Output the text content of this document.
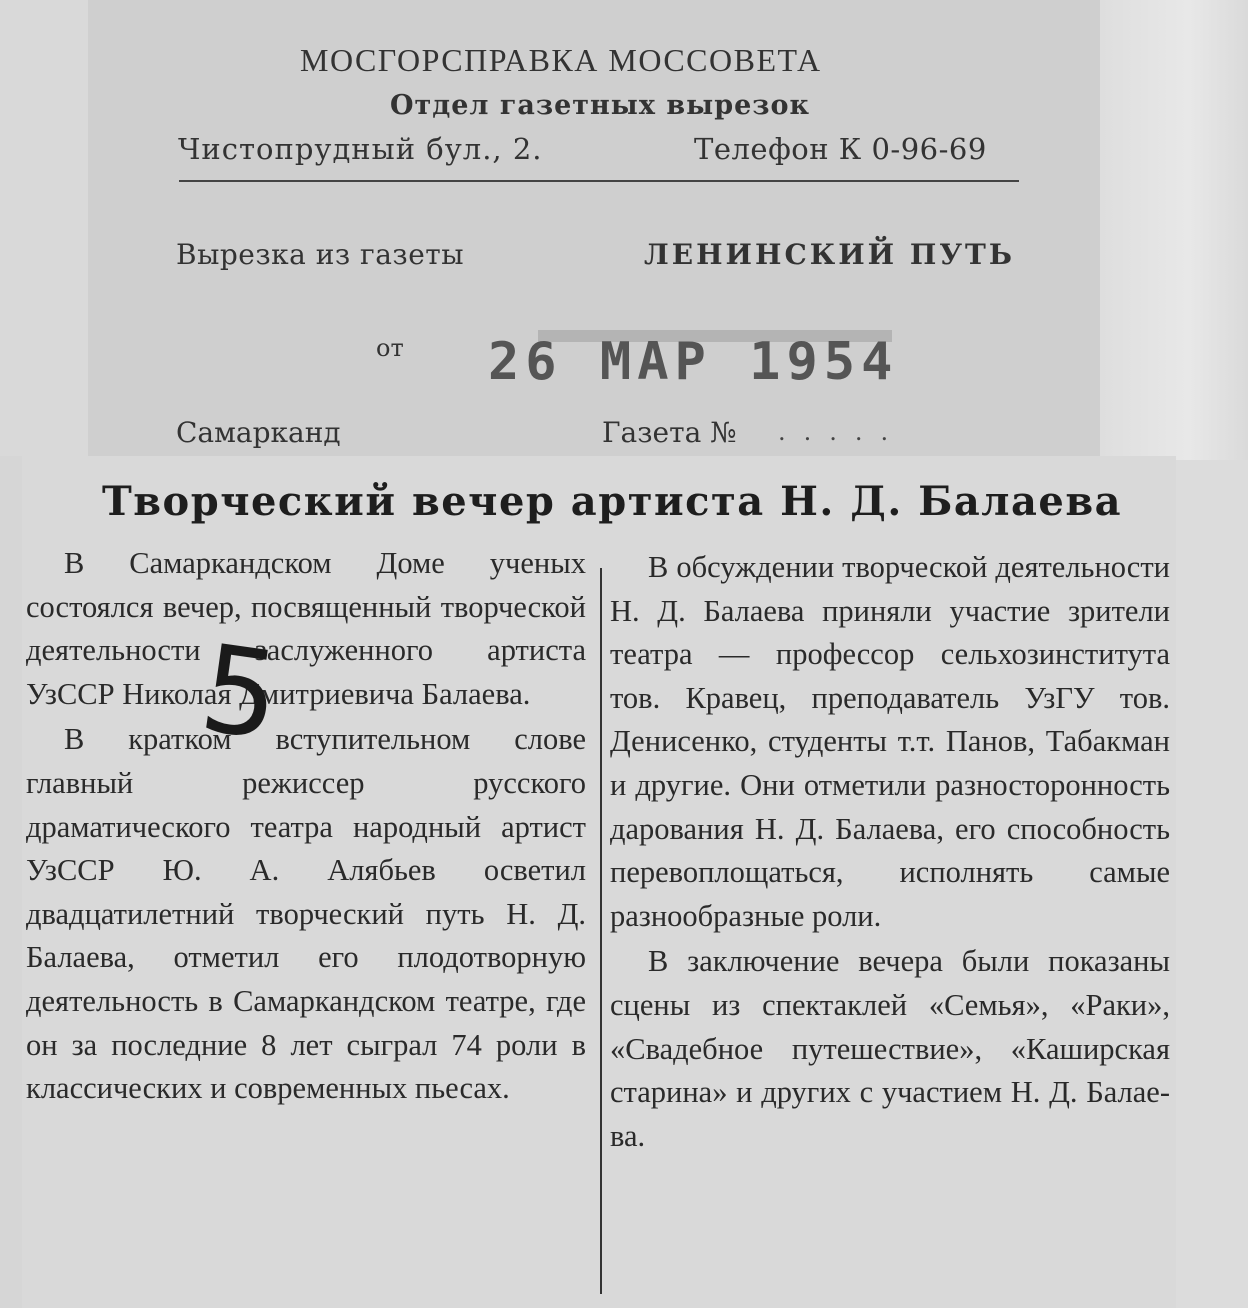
МОСГОРСПРАВКА МОССОВЕТА
Отдел газетных вырезок
Чистопрудный бул., 2.	Телефон К 0-96-69
Вырезка из газеты	ЛЕНИНСКИЙ ПУТЬ
от 26 МАР 1954
Самарканд	Газета № .....
Творческий вечер артиста Н. Д. Балаева

В Самаркандском Доме ученых состоялся вечер, посвященный творческой деятельности заслуженного артиста УзССР Николая Дмитриевича Балаева.

В кратком вступительном слове главный режиссер русского драматического театра народный артист УзССР Ю. А. Алябьев осветил двадцатилетний творческий путь Н. Д. Балаева, отметил его плодотворную деятельность в Самаркандском театре, где он за последние 8 лет сыграл 74 роли в классических и современных пьесах.

В обсуждении творческой деятельности Н. Д. Балаева приняли участие зрители театра — профессор сельхозинститута тов. Кравец, преподаватель УзГУ тов. Денисенко, студенты т.т. Панов, Табакман и другие. Они отметили разносторонность дарования Н. Д. Балаева, его способность перевоплощаться, исполнять самые разнообразные роли.

В заключение вечера были показаны сцены из спектаклей «Семья», «Раки», «Свадебное путешествие», «Каширская старина» и других с участием Н. Д. Балаева.

5
